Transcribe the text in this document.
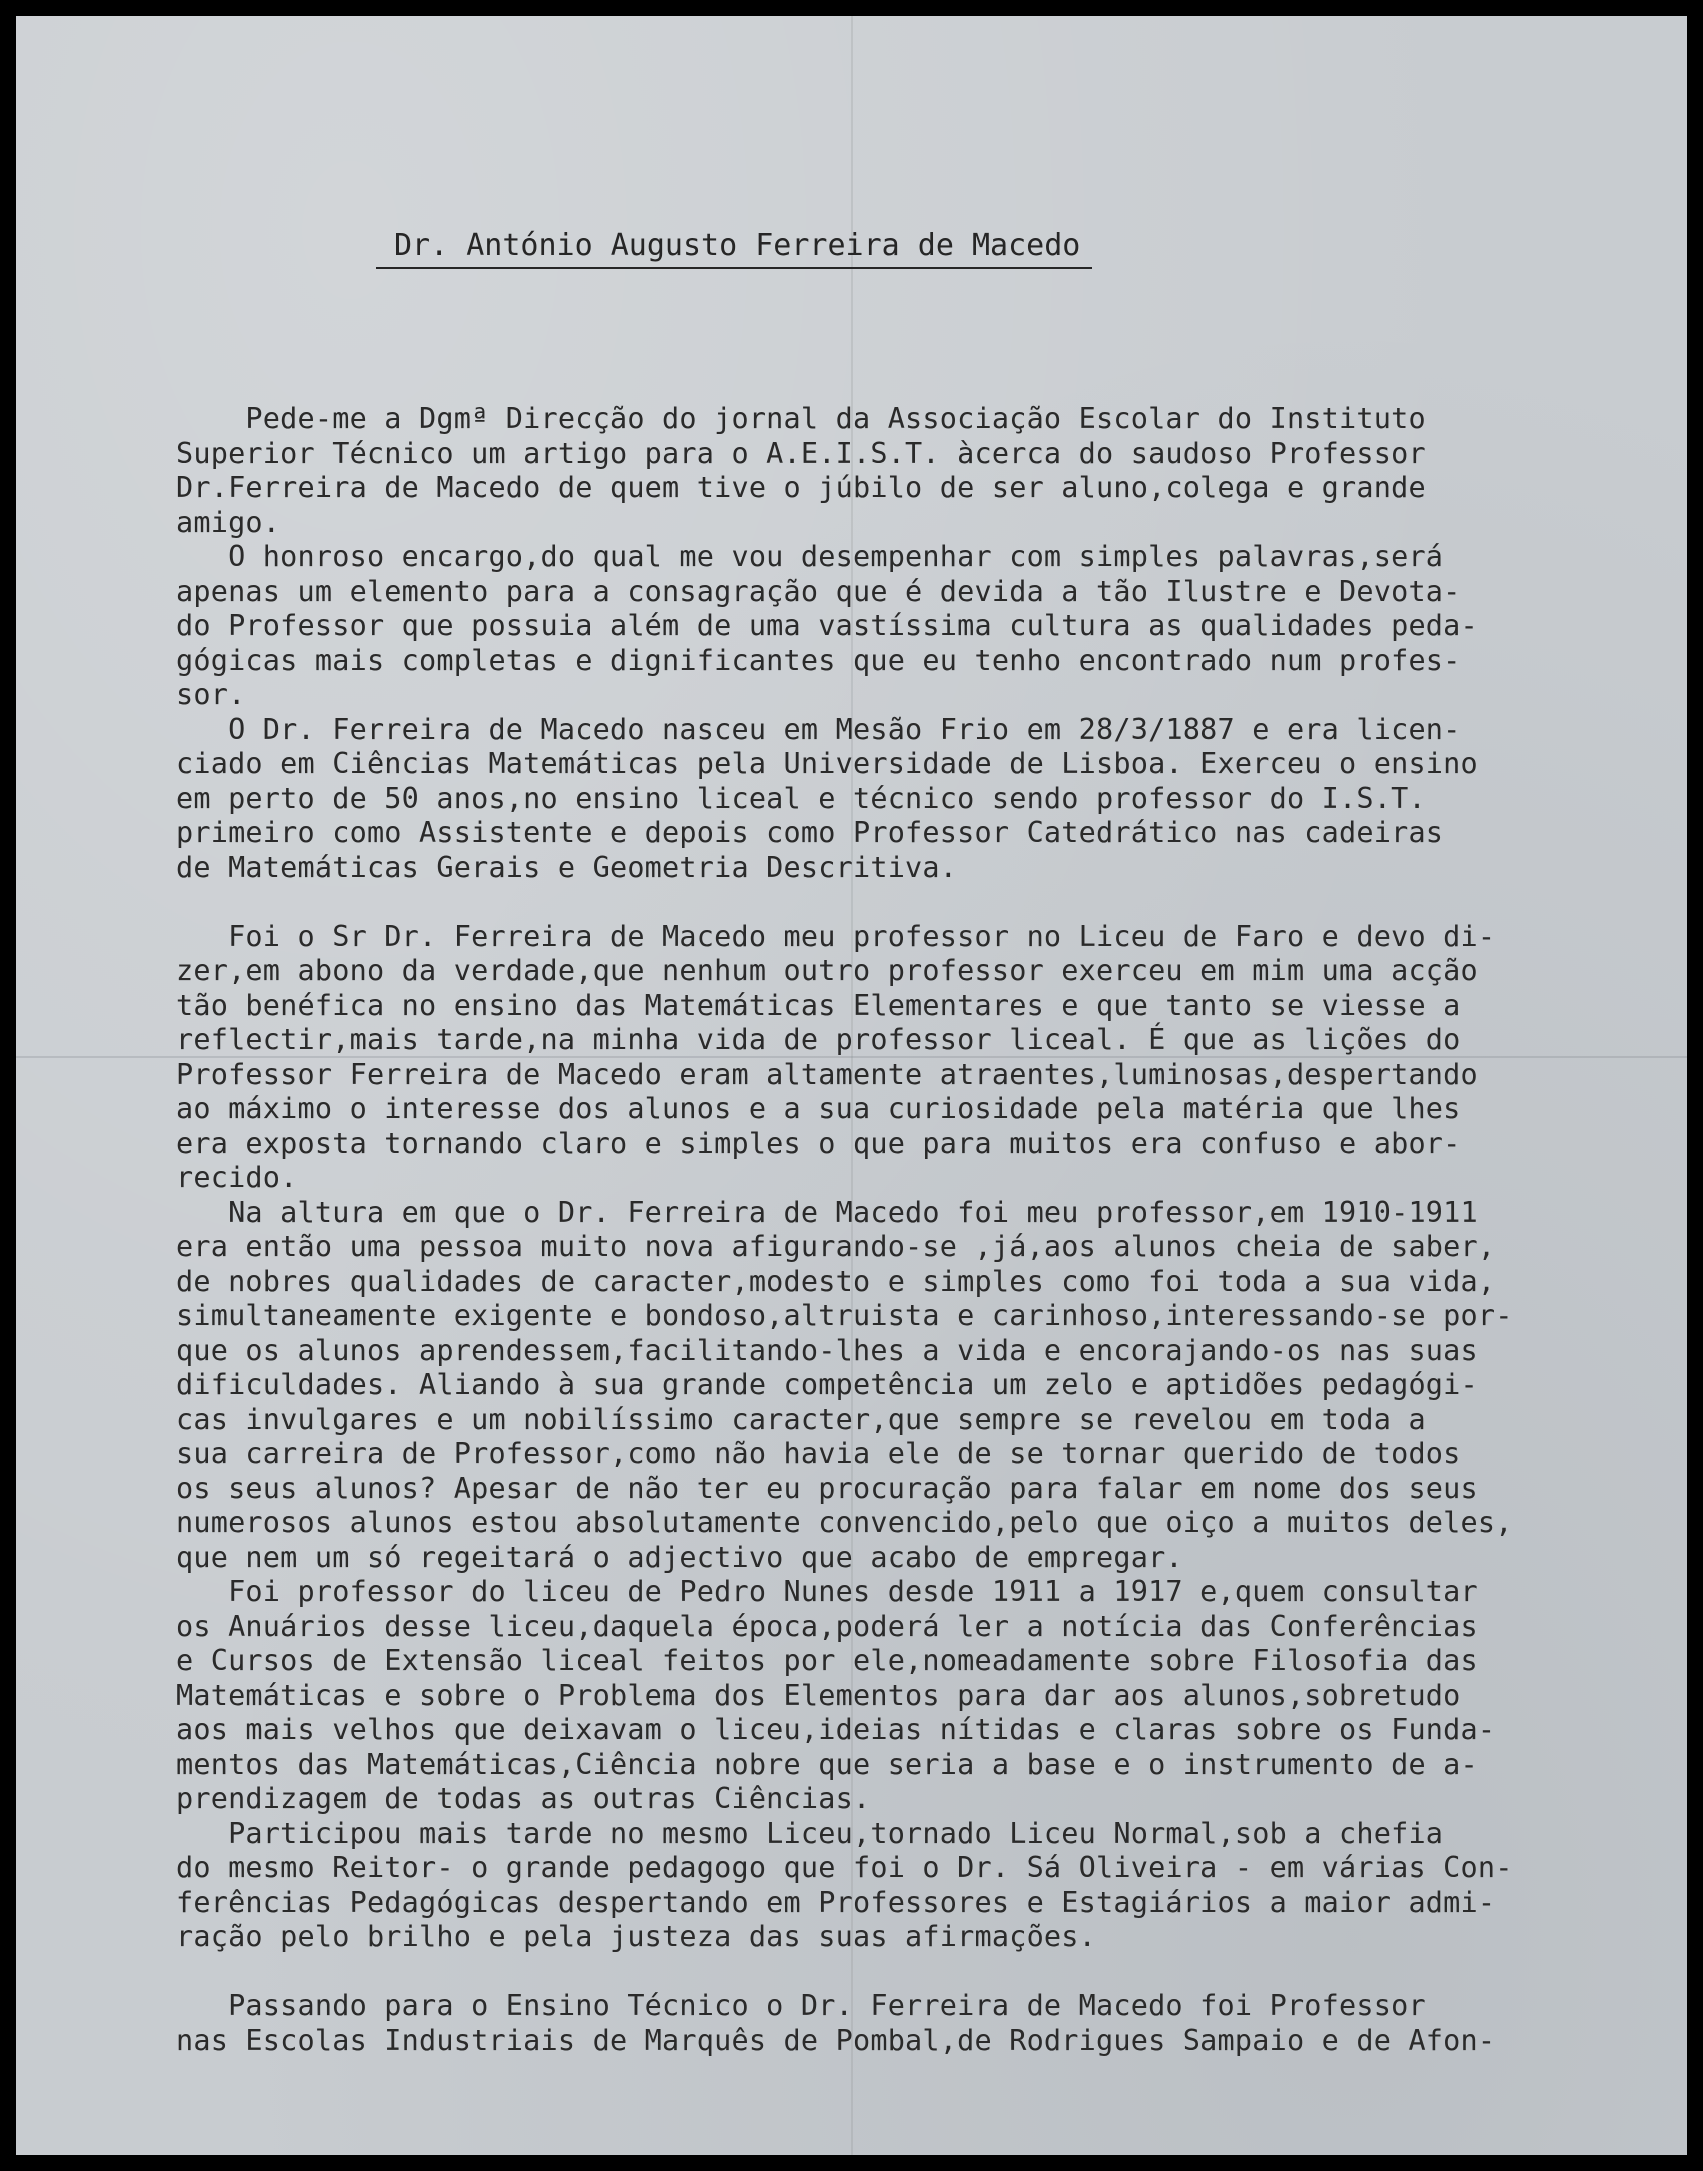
Dr. António Augusto Ferreira de Macedo
Pede-me a Dgmª Direcção do jornal da Associação Escolar do Instituto
Superior Técnico um artigo para o A.E.I.S.T. àcerca do saudoso Professor
Dr.Ferreira de Macedo de quem tive o júbilo de ser aluno,colega e grande
amigo.
O honroso encargo,do qual me vou desempenhar com simples palavras,será
apenas um elemento para a consagração que é devida a tão Ilustre e Devota-
do Professor que possuia além de uma vastíssima cultura as qualidades peda-
gógicas mais completas e dignificantes que eu tenho encontrado num profes-
sor.
O Dr. Ferreira de Macedo nasceu em Mesão Frio em 28/3/1887 e era licen-
ciado em Ciências Matemáticas pela Universidade de Lisboa. Exerceu o ensino
em perto de 50 anos,no ensino liceal e técnico sendo professor do I.S.T.
primeiro como Assistente e depois como Professor Catedrático nas cadeiras
de Matemáticas Gerais e Geometria Descritiva.
Foi o Sr Dr. Ferreira de Macedo meu professor no Liceu de Faro e devo di-
zer,em abono da verdade,que nenhum outro professor exerceu em mim uma acção
tão benéfica no ensino das Matemáticas Elementares e que tanto se viesse a
reflectir,mais tarde,na minha vida de professor liceal. É que as lições do
Professor Ferreira de Macedo eram altamente atraentes,luminosas,despertando
ao máximo o interesse dos alunos e a sua curiosidade pela matéria que lhes
era exposta tornando claro e simples o que para muitos era confuso e abor-
recido.
Na altura em que o Dr. Ferreira de Macedo foi meu professor,em 1910-1911
era então uma pessoa muito nova afigurando-se ,já,aos alunos cheia de saber,
de nobres qualidades de caracter,modesto e simples como foi toda a sua vida,
simultaneamente exigente e bondoso,altruista e carinhoso,interessando-se por-
que os alunos aprendessem,facilitando-lhes a vida e encorajando-os nas suas
dificuldades. Aliando à sua grande competência um zelo e aptidões pedagógi-
cas invulgares e um nobilíssimo caracter,que sempre se revelou em toda a
sua carreira de Professor,como não havia ele de se tornar querido de todos
os seus alunos? Apesar de não ter eu procuração para falar em nome dos seus
numerosos alunos estou absolutamente convencido,pelo que oiço a muitos deles,
que nem um só regeitará o adjectivo que acabo de empregar.
Foi professor do liceu de Pedro Nunes desde 1911 a 1917 e,quem consultar
os Anuários desse liceu,daquela época,poderá ler a notícia das Conferências
e Cursos de Extensão liceal feitos por ele,nomeadamente sobre Filosofia das
Matemáticas e sobre o Problema dos Elementos para dar aos alunos,sobretudo
aos mais velhos que deixavam o liceu,ideias nítidas e claras sobre os Funda-
mentos das Matemáticas,Ciência nobre que seria a base e o instrumento de a-
prendizagem de todas as outras Ciências.
Participou mais tarde no mesmo Liceu,tornado Liceu Normal,sob a chefia
do mesmo Reitor- o grande pedagogo que foi o Dr. Sá Oliveira - em várias Con-
ferências Pedagógicas despertando em Professores e Estagiários a maior admi-
ração pelo brilho e pela justeza das suas afirmações.
Passando para o Ensino Técnico o Dr. Ferreira de Macedo foi Professor
nas Escolas Industriais de Marquês de Pombal,de Rodrigues Sampaio e de Afon-
